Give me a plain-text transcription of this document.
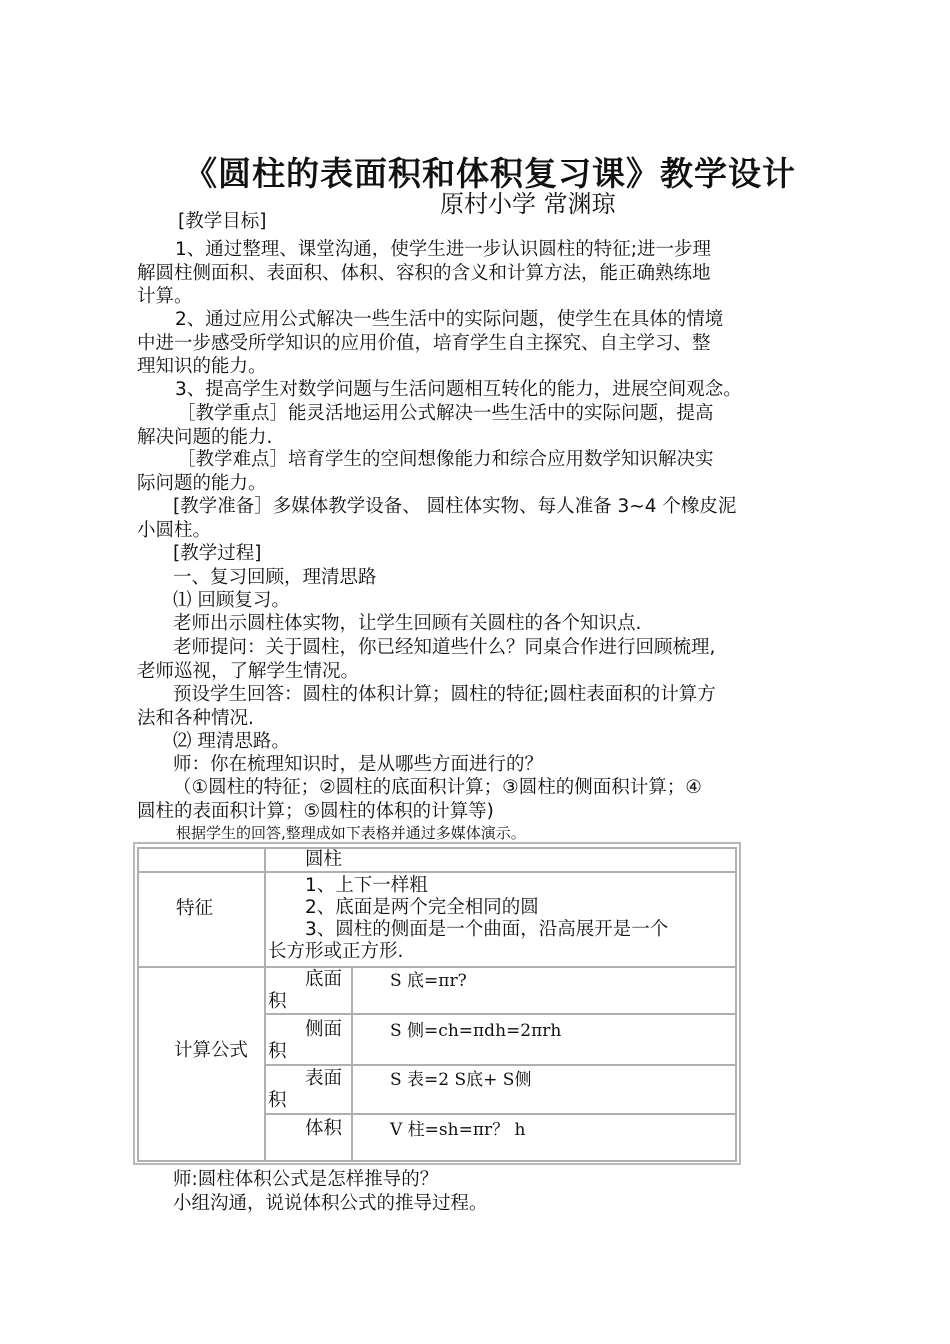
《圆柱的表面积和体积复习课》教学设计
原村小学 常渊琼
[教学目标]
1、通过整理、课堂沟通，使学生进一步认识圆柱的特征;进一步理
解圆柱侧面积、表面积、体积、容积的含义和计算方法，能正确熟练地
计算。
2、通过应用公式解决一些生活中的实际问题，使学生在具体的情境
中进一步感受所学知识的应用价值，培育学生自主探究、自主学习、整
理知识的能力。
3、提高学生对数学问题与生活问题相互转化的能力，进展空间观念。
［教学重点］能灵活地运用公式解决一些生活中的实际问题，提高
解决问题的能力.
［教学难点］培育学生的空间想像能力和综合应用数学知识解决实
际问题的能力。
[教学准备］多媒体教学设备、 圆柱体实物、每人准备 3~4 个橡皮泥
小圆柱。
[教学过程]
一、复习回顾，理清思路
⑴ 回顾复习。
老师出示圆柱体实物，让学生回顾有关圆柱的各个知识点.
老师提问：关于圆柱，你已经知道些什么？同桌合作进行回顾梳理,
老师巡视，了解学生情况。
预设学生回答：圆柱的体积计算；圆柱的特征;圆柱表面积的计算方
法和各种情况.
⑵ 理清思路。
师：你在梳理知识时，是从哪些方面进行的？
（①圆柱的特征；②圆柱的底面积计算；③圆柱的侧面积计算；④
圆柱的表面积计算；⑤圆柱的体积的计算等)
根据学生的回答,整理成如下表格并通过多媒体演示。
圆柱
特征
1、上下一样粗
2、底面是两个完全相同的圆
3、圆柱的侧面是一个曲面，沿高展开是一个
长方形或正方形.
计算公式
底面
积
S 底=πr?
侧面
积
S 侧=ch=πdh=2πrh
表面
积
S 表=2 S底+ S侧
体积	V 柱=sh=πr？ h
师:圆柱体积公式是怎样推导的？
小组沟通，说说体积公式的推导过程。
